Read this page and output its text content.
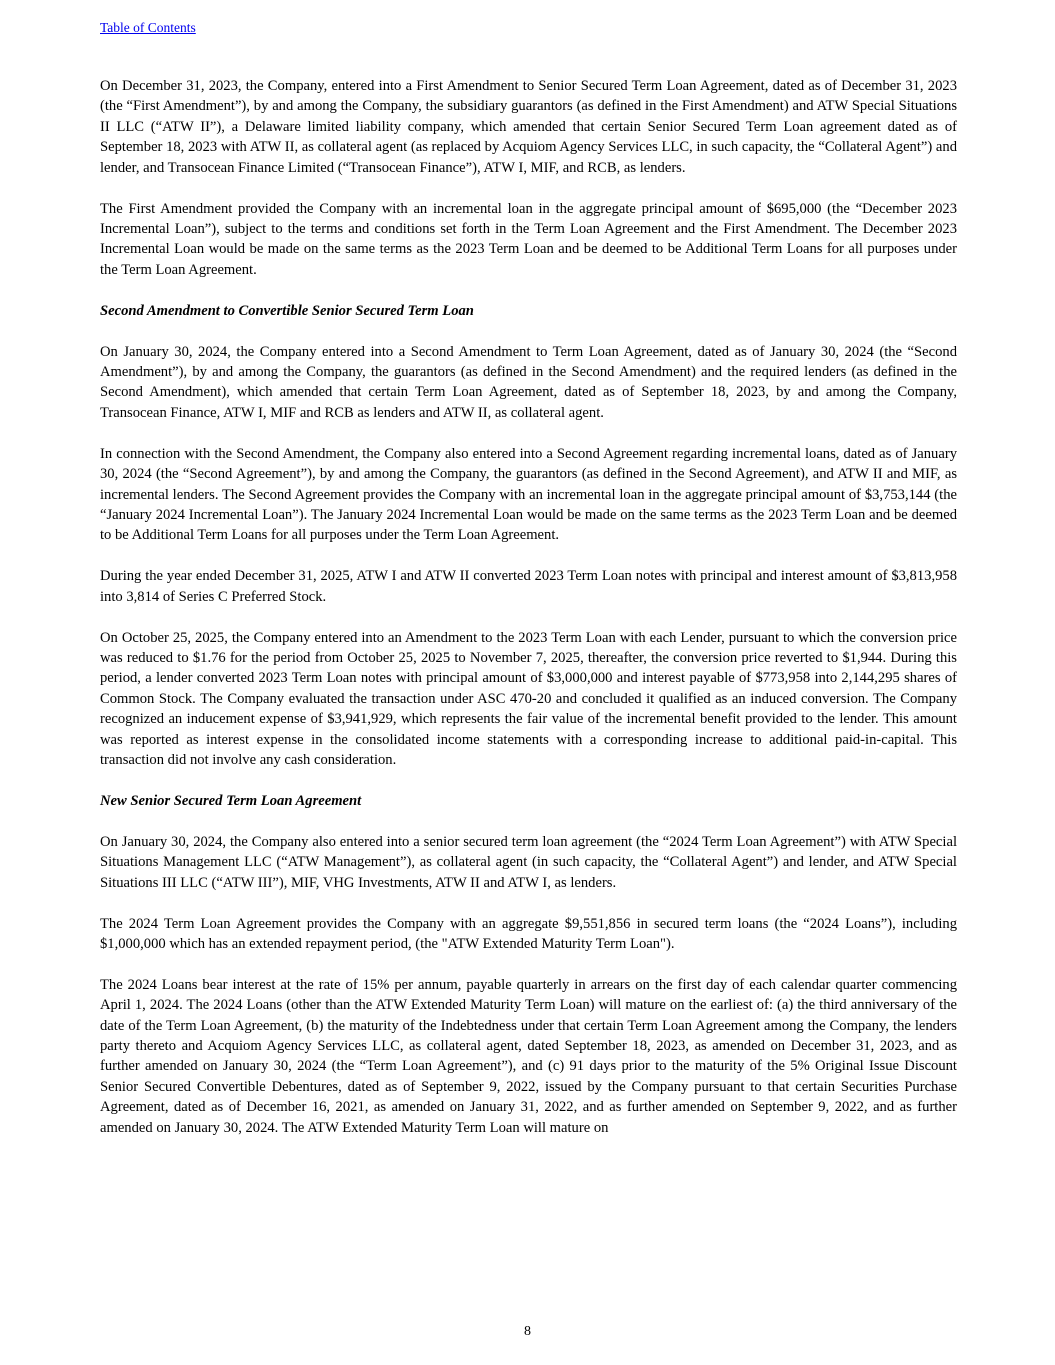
Table of Contents

On December 31, 2023, the Company, entered into a First Amendment to Senior Secured Term Loan Agreement, dated as of December 31, 2023 (the “First Amendment”), by and among the Company, the subsidiary guarantors (as defined in the First Amendment) and ATW Special Situations II LLC (“ATW II”), a Delaware limited liability company, which amended that certain Senior Secured Term Loan agreement dated as of September 18, 2023 with ATW II, as collateral agent (as replaced by Acquiom Agency Services LLC, in such capacity, the “Collateral Agent”) and lender, and Transocean Finance Limited (“Transocean Finance”), ATW I, MIF, and RCB, as lenders.

The First Amendment provided the Company with an incremental loan in the aggregate principal amount of $695,000 (the “December 2023 Incremental Loan”), subject to the terms and conditions set forth in the Term Loan Agreement and the First Amendment. The December 2023 Incremental Loan would be made on the same terms as the 2023 Term Loan and be deemed to be Additional Term Loans for all purposes under the Term Loan Agreement.

Second Amendment to Convertible Senior Secured Term Loan

On January 30, 2024, the Company entered into a Second Amendment to Term Loan Agreement, dated as of January 30, 2024 (the “Second Amendment”), by and among the Company, the guarantors (as defined in the Second Amendment) and the required lenders (as defined in the Second Amendment), which amended that certain Term Loan Agreement, dated as of September 18, 2023, by and among the Company, Transocean Finance, ATW I, MIF and RCB as lenders and ATW II, as collateral agent.

In connection with the Second Amendment, the Company also entered into a Second Agreement regarding incremental loans, dated as of January 30, 2024 (the “Second Agreement”), by and among the Company, the guarantors (as defined in the Second Agreement), and ATW II and MIF, as incremental lenders. The Second Agreement provides the Company with an incremental loan in the aggregate principal amount of $3,753,144 (the “January 2024 Incremental Loan”). The January 2024 Incremental Loan would be made on the same terms as the 2023 Term Loan and be deemed to be Additional Term Loans for all purposes under the Term Loan Agreement.

During the year ended December 31, 2025, ATW I and ATW II converted 2023 Term Loan notes with principal and interest amount of $3,813,958 into 3,814 of Series C Preferred Stock.

On October 25, 2025, the Company entered into an Amendment to the 2023 Term Loan with each Lender, pursuant to which the conversion price was reduced to $1.76 for the period from October 25, 2025 to November 7, 2025, thereafter, the conversion price reverted to $1,944. During this period, a lender converted 2023 Term Loan notes with principal amount of $3,000,000 and interest payable of $773,958 into 2,144,295 shares of Common Stock. The Company evaluated the transaction under ASC 470-20 and concluded it qualified as an induced conversion. The Company recognized an inducement expense of $3,941,929, which represents the fair value of the incremental benefit provided to the lender. This amount was reported as interest expense in the consolidated income statements with a corresponding increase to additional paid-in-capital. This transaction did not involve any cash consideration.

New Senior Secured Term Loan Agreement

On January 30, 2024, the Company also entered into a senior secured term loan agreement (the “2024 Term Loan Agreement”) with ATW Special Situations Management LLC (“ATW Management”), as collateral agent (in such capacity, the “Collateral Agent”) and lender, and ATW Special Situations III LLC (“ATW III”), MIF, VHG Investments, ATW II and ATW I, as lenders.

The 2024 Term Loan Agreement provides the Company with an aggregate $9,551,856 in secured term loans (the “2024 Loans”), including $1,000,000 which has an extended repayment period, (the "ATW Extended Maturity Term Loan").

The 2024 Loans bear interest at the rate of 15% per annum, payable quarterly in arrears on the first day of each calendar quarter commencing April 1, 2024. The 2024 Loans (other than the ATW Extended Maturity Term Loan) will mature on the earliest of: (a) the third anniversary of the date of the Term Loan Agreement, (b) the maturity of the Indebtedness under that certain Term Loan Agreement among the Company, the lenders party thereto and Acquiom Agency Services LLC, as collateral agent, dated September 18, 2023, as amended on December 31, 2023, and as further amended on January 30, 2024 (the “Term Loan Agreement”), and (c) 91 days prior to the maturity of the 5% Original Issue Discount Senior Secured Convertible Debentures, dated as of September 9, 2022, issued by the Company pursuant to that certain Securities Purchase Agreement, dated as of December 16, 2021, as amended on January 31, 2022, and as further amended on September 9, 2022, and as further amended on January 30, 2024. The ATW Extended Maturity Term Loan will mature on

8
